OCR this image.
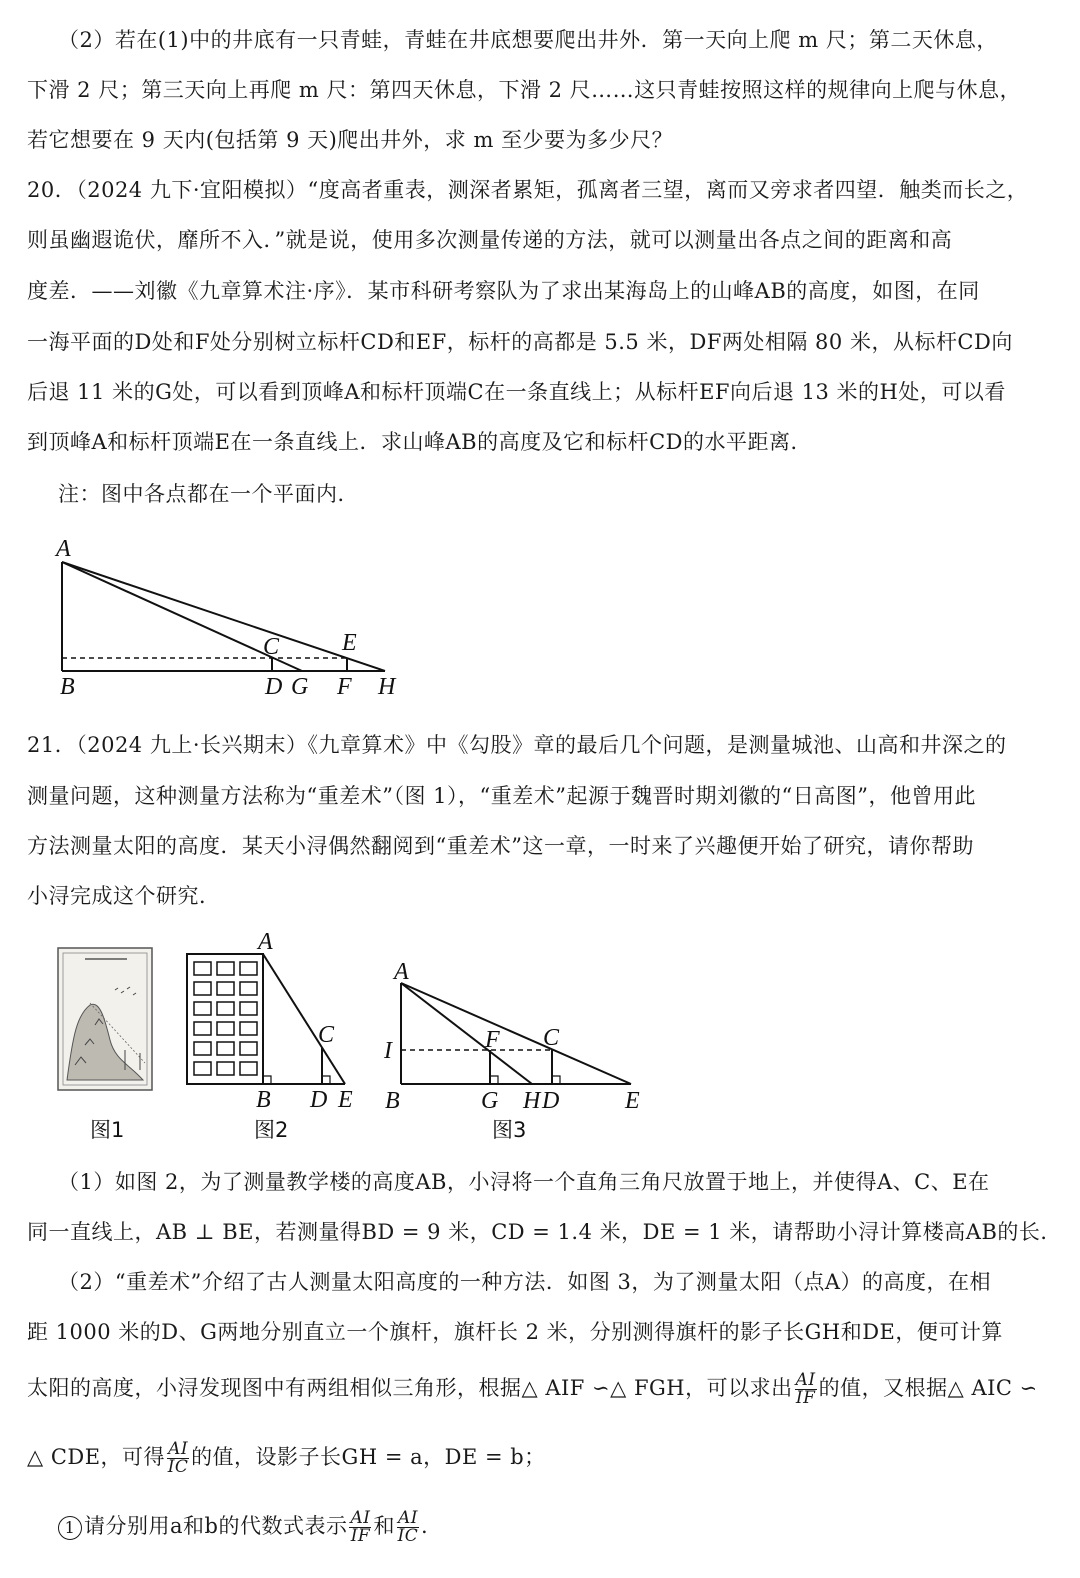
（2）若在(1)中的井底有一只青蛙，青蛙在井底想要爬出井外．第一天向上爬 m 尺；第二天休息，
下滑 2 尺；第三天向上再爬 m 尺：第四天休息，下滑 2 尺……这只青蛙按照这样的规律向上爬与休息，
若它想要在 9 天内(包括第 9 天)爬出井外，求 m 至少要为多少尺？
20．（2024 九下·宜阳模拟）“度高者重表，测深者累矩，孤离者三望，离而又旁求者四望．触类而长之，
则虽幽遐诡伏，靡所不入．”就是说，使用多次测量传递的方法，就可以测量出各点之间的距离和高
度差．——刘徽《九章算术注·序》．某市科研考察队为了求出某海岛上的山峰AB的高度，如图，在同
一海平面的D处和F处分别树立标杆CD和EF，标杆的高都是 5.5 米，DF两处相隔 80 米，从标杆CD向
后退 11 米的G处，可以看到顶峰A和标杆顶端C在一条直线上；从标杆EF向后退 13 米的H处，可以看
到顶峰A和标杆顶端E在一条直线上．求山峰AB的高度及它和标杆CD的水平距离．
注：图中各点都在一个平面内．
A
B
C
D
E
F
G	H
21．（2024 九上·长兴期末）《九章算术》中《勾股》章的最后几个问题，是测量城池、山高和井深之的
测量问题，这种测量方法称为“重差术”（图 1），“重差术”起源于魏晋时期刘徽的“日高图”，他曾用此
方法测量太阳的高度．某天小浔偶然翻阅到“重差术”这一章，一时来了兴趣便开始了研究，请你帮助
小浔完成这个研究．
图1
A
B
C
D E
图2
A
I
B
F C
G H D	E
图3
（1）如图 2，为了测量教学楼的高度AB，小浔将一个直角三角尺放置于地上，并使得A、C、E在
同一直线上，AB ⊥ BE，若测量得BD = 9 米，CD = 1.4 米，DE = 1 米，请帮助小浔计算楼高AB的长．
（2）“重差术”介绍了古人测量太阳高度的一种方法．如图 3，为了测量太阳（点A）的高度，在相
距 1000 米的D、G两地分别直立一个旗杆，旗杆长 2 米，分别测得旗杆的影子长GH和DE，便可计算
太阳的高度，小浔发现图中有两组相似三角形，根据△ AIF ∽△ FGH，可以求出 $\frac{AI}{IF}$ 的值，又根据△ AIC ∽
△ CDE，可得 $\frac{AI}{IC}$ 的值，设影子长GH = a，DE = b；
1 请分别用a和b的代数式表示 $\frac{AI}{IF}$ 和 $\frac{AI}{IC}$ .
